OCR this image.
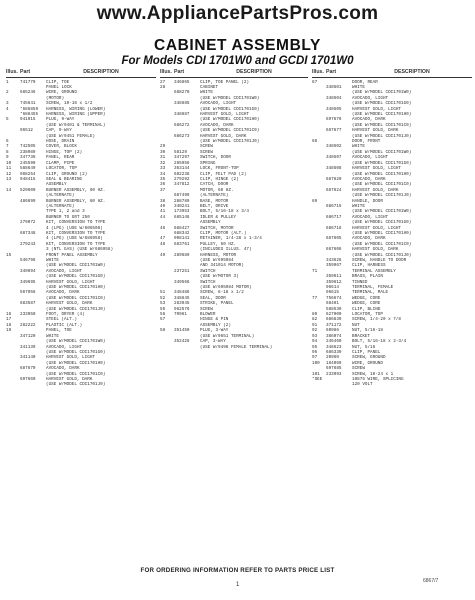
www.AppliancePartsPros.com
CABINET ASSEMBLY
For Models CDI 1701W0 and GCDI 1701W0
Illus. Part	DESCRIPTION
1	741770	CLIP, TOE
PANEL LOCK
2	685246	WIRE, GROUND
(MOTOR)
3	745641	SCREW, 10-16 x 1/2
4	*686859	HARNESS, WIRING (LOWER)
*688455	HARNESS, WIRING (UPPER)
5	941915	PLUG, 9-WAY
(USE W/9401 & TERMINAL)
96512	CAP, 9-WAY
(USE W/9451 FEMALE)
6	HOSE, DRAIN
7	742505	COVER, BLOCK
8	238089	HINGE, TOP (2)
9	347736	PANEL, REAR
10	245590	CLAMP, PIPE
11	588649	LOCATOR, TOP
12	988254	CLIP, GROUND (2)
13	948415	SEAL & BEARING
ASSEMBLY
14	529600	BURNER ASSEMBLY, 60 HZ.
(ALTERNATE)
486699	BURNER ASSEMBLY, 60 HZ.
(ALTERNATE)
TYPE 1, 2 and 3
BURNER TO GRT 250
279072	KIT, CONVERSION TO TYPE
4 (LPG) (USE W/606508)
687348	KIT, CONVERSION TO TYPE
4 (LPG) (USE W/686958)
279243	KIT, CONVERSION TO TYPE
3 (NTL GAS) (USE W/686958)
15	FRONT PANEL ASSEMBLY
546798	WHITE
(USE W/MODEL CDI1701W0)
349694	AVOCADO, LIGHT
(USE W/MODEL CDI1701G0)
349695	HARVEST GOLD, LIGHT
(USE W/MODEL CDI1701H0)
567956	AVOCADO, DARK
(USE W/MODEL CDI1701C0)
683587	HARVEST GOLD, DARK
(USE W/MODEL CDI1701J0)
16	233050	FOOT, DRYER (4)
17	STEEL (ALT.)
18	282222	PLASTIC (ALT.)
19	PANEL, TOE
347120	WHITE
(USE W/MODEL CDI1701W0)
341139	AVOCADO, LIGHT
(USE W/MODEL CDI1701G0)
341140	HARVEST GOLD, LIGHT
(USE W/MODEL CDI1701H0)
687670	AVOCADO, DARK
(USE W/MODEL CDI1701C0)
697660	HARVEST GOLD, DARK
(USE W/MODEL CDI1701J0)
Illus. Part	DESCRIPTION
27	346865	CLIP, TOE PANEL (2)
28	CABINET
688270	WHITE
(USE W/MODEL CDI1701W0)
348685	AVOCADO, LIGHT
(USE W/MODEL CDI1701G0)
348687	HARVEST GOLD, LIGHT
(USE W/MODEL CDI1701H0)
686272	AVOCADO, DARK
(USE W/MODEL CDI1701C0)
686273	HARVEST GOLD, DARK
(USE W/MODEL CDI1701J0)
29	SCREW
30	58129	SCREW
31	347297	SWITCH, DOOR
32	285956	SPRING
33	363144	LOCK, FRONT-TOP
34	682238	CLIP, FELT PAD (2)
35	279292	CLIP, HINGE (2)
36	347812	CATCH, DOOR
37	MOTOR, 60 HZ.
687499	(ALTERNATE)
38	288789	BASE, MOTOR
40	340241	BELT, DRIVE
41	173953	BOLT, 5/16-18 x 3/4
44	685146	IDLER & PULLEY
ASSEMBLY
46	688427	SWITCH, MOTOR
688342	CLIP, MOTOR (ALT.)
47	908141	RETAINER, 1/4-28 x 1-3/4
48	683761	PULLEY, 60 HZ.
(INCLUDES ILLUS. 47)
49	289689	HARNESS, MOTOR
(USE W/695984
AND 341014 MOTOR)
237251	SWITCH
(USE W/MOTOR 3)
349566	SWITCH
(USE W/695984 MOTOR)
51	348486	SCREW, 8-18 x 1/2
52	348645	SEAL, DOOR
53	283945	STRIKE, PANEL
55	962576	SCREW
56	70961	BLOWER
57	HINGE & PIN
ASSEMBLY (2)
58	351450	PLUG, 3-WAY
(USE W/9651 TERMINAL)
352428	CAP, 3-WAY
(USE W/9498 FEMALE TERMINAL)
Illus. Part	DESCRIPTION
67	DOOR, REAR
348501	WHITE
(USE W/MODEL CDI1701W0)
348504	AVOCADO, LIGHT
(USE W/MODEL CDI1701G0)
348505	HARVEST GOLD, LIGHT
(USE W/MODEL CDI1701H0)
697676	AVOCADO, DARK
(USE W/MODEL CDI1701C0)
687677	HARVEST GOLD, DARK
(USE W/MODEL CDI1701J0)
68	DOOR, FRONT
348502	WHITE
(USE W/MODEL CDI1701W0)
348507	AVOCADO, LIGHT
(USE W/MODEL CDI1701G0)
348508	HARVEST GOLD, LIGHT
(USE W/MODEL CDI1701H0)
687620	AVOCADO, DARK
(USE W/MODEL CDI1701C0)
687624	HARVEST GOLD, DARK
(USE W/MODEL CDI1701J0)
69	HANDLE, DOOR
686715	WHITE
(USE W/MODEL CDI1701W0)
686717	AVOCADO, LIGHT
(USE W/MODEL CDI1701G0)
686718	HARVEST GOLD, LIGHT
(USE W/MODEL CDI1701H0)
687605	AVOCADO, DARK
(USE W/MODEL CDI1701C0)
687606	HARVEST GOLD, DARK
(USE W/MODEL CDI1701J0)
343626	SCREW, HANDLE TO DOOR
359967	CLIP, HARNESS
71	TERMINAL ASSEMBLY
359611	BRASS, PLAIN
359612	TINNED
96614	TERMINAL, FEMALE
96615	TERMINAL, MALE
77	756674	WEDGE, CORE
68401	WEDGE, CORE
588539	CLIP, BLIND
80	627000	LOCATOR, TOP
82	686839	SCREW, 1/4-20 x 7/8
91	371172	NUT
92	60986	NUT, 5/16-18
93	386074	BRACKET
94	246460	BOLT, 5/16-18 x 2-3/4
95	348623	NUT, 5/16
96	686339	CLIP, PANEL
97	20960	SCREW, GROUND
100	184069	WIRE, GROUND
697685	SCREW
101	233093	SCREW, 10-24 x 1
*SEE	10875 WIRE, SPLICING
120 VOLT
FOR ORDERING INFORMATION REFER TO PARTS PRICE LIST
1
6867/7
